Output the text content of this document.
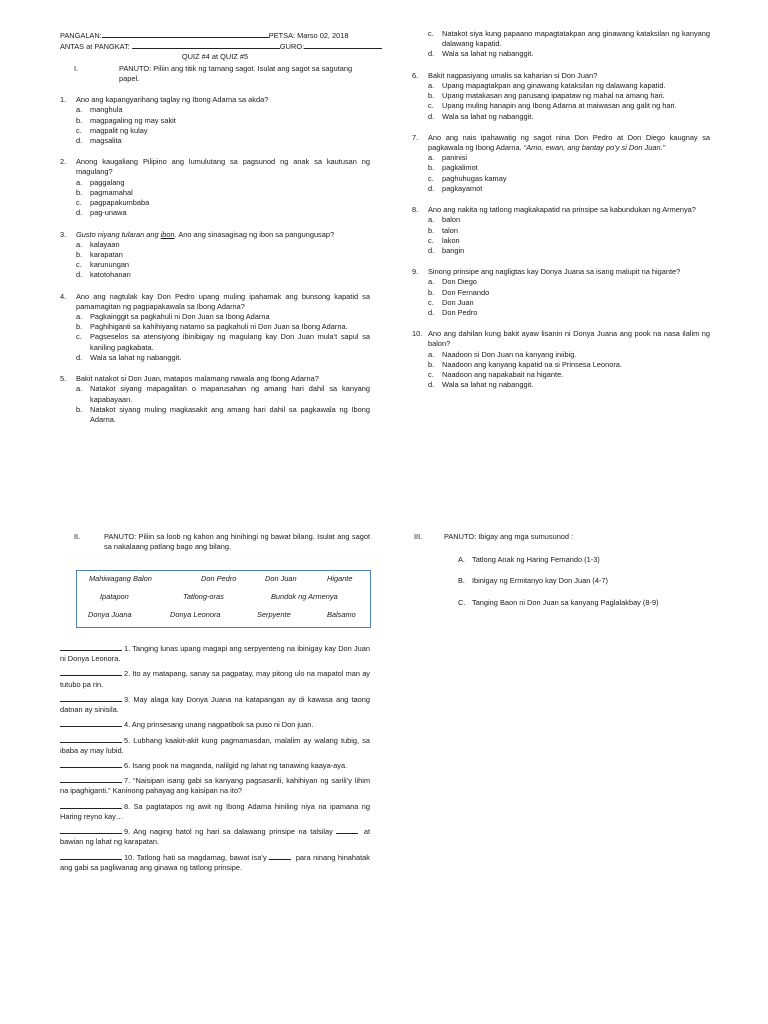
PANGALAN:	PETSA: Marso 02, 2018

ANTAS at PANGKAT:	GURO:

QUIZ #4 at QUIZ #5

I.	PANUTO: Piliin ang titik ng tamang sagot. Isulat ang sagot sa sagutang papel.
1.	Ano ang kapangyarihang taglay ng Ibong Adarna sa akda?
a.	manghula
b.	magpagaling ng may sakit
c.	magpalit ng kulay
d.	magsalita
2.	Anong kaugaliang Pilipino ang lumulutang sa pagsunod ng anak sa kautusan ng magulang?
a.	paggalang
b.	pagmamahal
c.	pagpapakumbaba
d.	pag-unawa
3.	Gusto niyang tularan ang ibon. Ano ang sinasagisag ng ibon sa pangungusap?
a.	kalayaan
b.	karapatan
c.	karunungan
d.	katotohanan
4.	Ano ang nagtulak kay Don Pedro upang muling ipahamak ang bunsong kapatid sa pamamagitan ng pagpapakawala sa Ibong Adarna?
a.	Pagkainggit sa pagkahuli ni Don Juan sa Ibong Adarna
b.	Paghihiganti sa kahihiyang natamo sa pagkahuli ni Don Juan sa Ibong Adarna.
c.	Pagseselos sa atensiyong ibinibigay ng magulang kay Don Juan mula't sapul sa kaniling pagkabata.
d.	Wala sa lahat ng nabanggit.
5.	Bakit natakot si Don Juan, matapos malamang nawala ang Ibong Adarna?
a.	Natakot siyang mapagalitan o maparusahan ng amang hari dahil sa kanyang kapabayaan.
b.	Natakot siyang muling magkasakit ang amang hari dahil sa pagkawala ng Ibong Adarna.
c.	Natakot siya kung papaano mapagtatakpan ang ginawang kataksilan ng kanyang dalawang kapatid.
d.	Wala sa lahat ng nabanggit.
6.	Bakit nagpasiyang umalis sa kaharian si Don Juan?
a.	Upang mapagtakpan ang ginawang kataksilan ng dalawang kapatid.
b.	Upang matakasan ang parusang ipapataw ng mahal na amang hari.
c.	Upang muling hanapin ang Ibong Adarna at maiwasan ang galit ng hari.
d.	Wala sa lahat ng nabanggit.
7.	Ano ang nais ipahawatig ng sagot nina Don Pedro at Don Diego kaugnay sa pagkawala ng Ibong Adarna. “Amo, ewan, ang bantay po’y si Don Juan.”
a.	paninisi
b.	pagkalimot
c.	paghuhugas kamay
d.	pagkayamot
8.	Ano ang nakita ng tatlong magkakapatid na prinsipe sa kabundukan ng Armenya?
a.	balon
b.	talon
c.	lakon
d.	bangin
9.	Sinong prinsipe ang nagligtas kay Donya Juana sa isang malupit na higante?
a.	Don Diego
b.	Don Fernando
c.	Don Juan
d.	Don Pedro
10. Ano ang dahilan kung bakit ayaw lisanin ni Donya Juana ang pook na nasa ilalim ng balon?
a.	Naadoon si Don Juan na kanyang iniibig.
b.	Naadoon ang kanyang kapatid na si Prinsesa Leonora.
c.	Naadoon ang napakabait na higante.
d.	Wala sa lahat ng nabanggit.
II.	PANUTO: Piliin sa loob ng kahon ang hinihingi ng bawat bilang. Isulat ang sagot sa nakalaang patlang bago ang bilang.
Mahiwagang Balon	Don Pedro	Don Juan	Higante
Ipatapon	Tatlong-oras	Bundok ng Armenya
Donya Juana	Donya Leonora	Serpyente	Balsamo

1. Tanging lunas upang magapi ang serpyenteng na ibinigay kay Don Juan ni Donya Leonora.

2. Ito ay matapang, sanay sa pagpatay, may pitong ulo na mapatol man ay tutubo pa rin.

3. May alaga kay Donya Juana na katapangan ay di kawasa ang taong datnan ay sinisila.

4. Ang prinsesang unang nagpatibok sa puso ni Don juan.

5. Lubhang kaakit-akit kung pagmamasdan, malalim ay walang tubig, sa ibaba ay may lubid.

6. Isang pook na maganda, nalilgid ng lahat ng tanawing kaaya-aya.

7. “Naisipan isang gabi sa kanyang pagsasarili, kahihiyan ng sarili’y lihim na ipaghiganti.” Kaninong pahayag ang kaisipan na ito?

8. Sa pagtatapos ng awit ng Ibong Adarna hiniling niya na ipamana ng Haring reyno kay…

9. Ang naging hatol ng hari sa dalawang prinsipe na talsilay	at bawian ng lahat ng karapatan.

10. Tatlong hati sa magdamag, bawat isa’y	para ninang hinahatak ang gabi sa pagliwanag ang ginawa ng tatlong prinsipe.

III.	PANUTO: Ibigay ang mga sumusunod :
A. Tatlong Anak ng Haring Fernando (1-3)
B. Ibinigay ng Ermitanyo kay Don Juan (4-7)
C. Tanging Baon ni Don Juan sa kanyang Paglalakbay (8-9)
